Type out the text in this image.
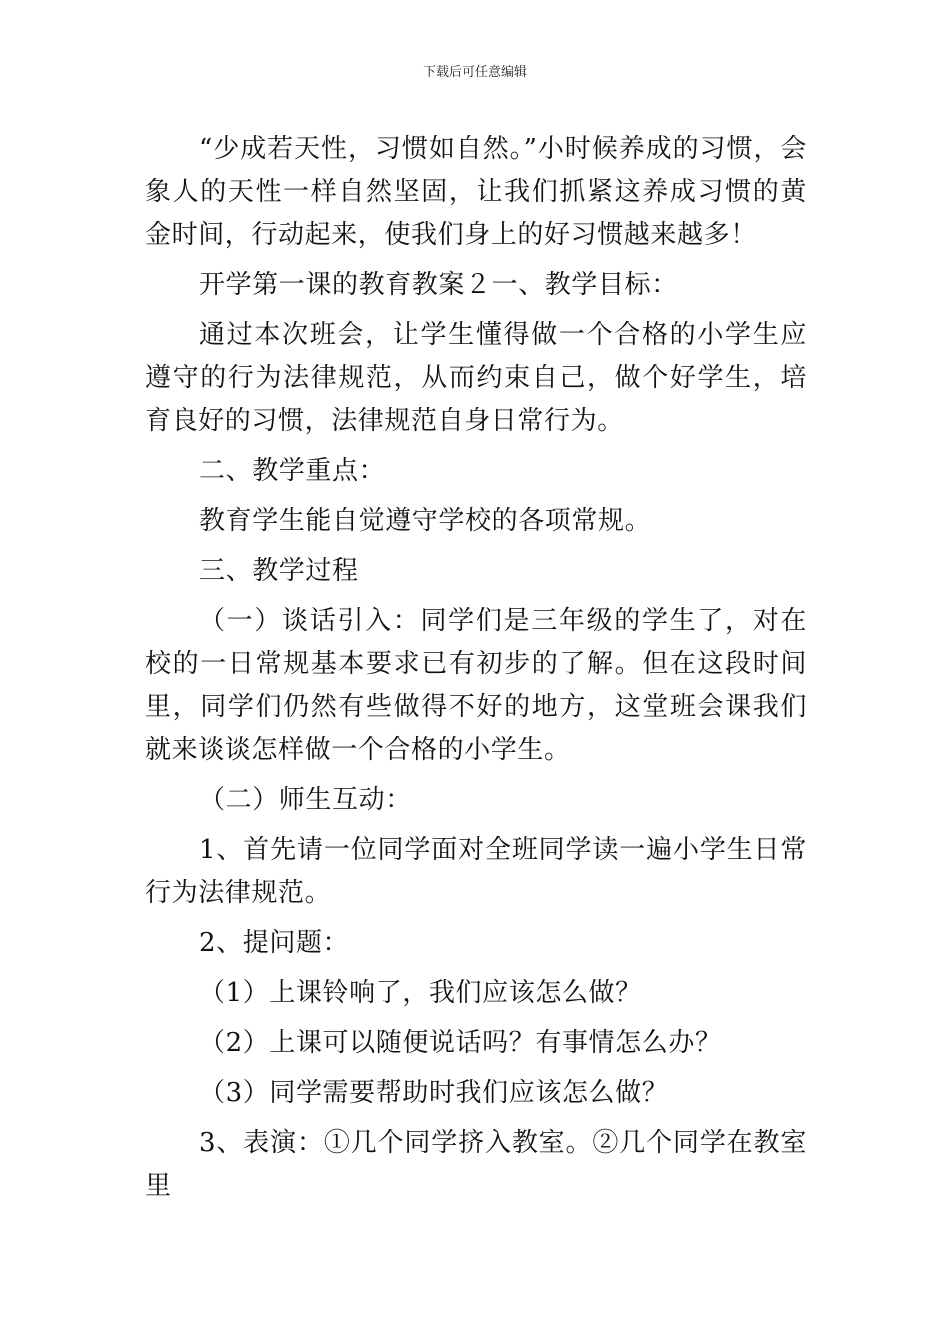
下载后可任意编辑

“少成若天性，习惯如自然。”小时候养成的习惯，会象人的天性一样自然坚固，让我们抓紧这养成习惯的黄金时间，行动起来，使我们身上的好习惯越来越多！

开学第一课的教育教案２一、教学目标：

通过本次班会，让学生懂得做一个合格的小学生应遵守的行为法律规范，从而约束自己，做个好学生，培育良好的习惯，法律规范自身日常行为。

二、教学重点：

教育学生能自觉遵守学校的各项常规。

三、教学过程

（一）谈话引入：同学们是三年级的学生了，对在校的一日常规基本要求已有初步的了解。但在这段时间里，同学们仍然有些做得不好的地方，这堂班会课我们就来谈谈怎样做一个合格的小学生。

（二）师生互动：

1、首先请一位同学面对全班同学读一遍小学生日常行为法律规范。

2、提问题：

（1）上课铃响了，我们应该怎么做？

（2）上课可以随便说话吗？有事情怎么办？

（3）同学需要帮助时我们应该怎么做？

3、表演：①几个同学挤入教室。②几个同学在教室里
